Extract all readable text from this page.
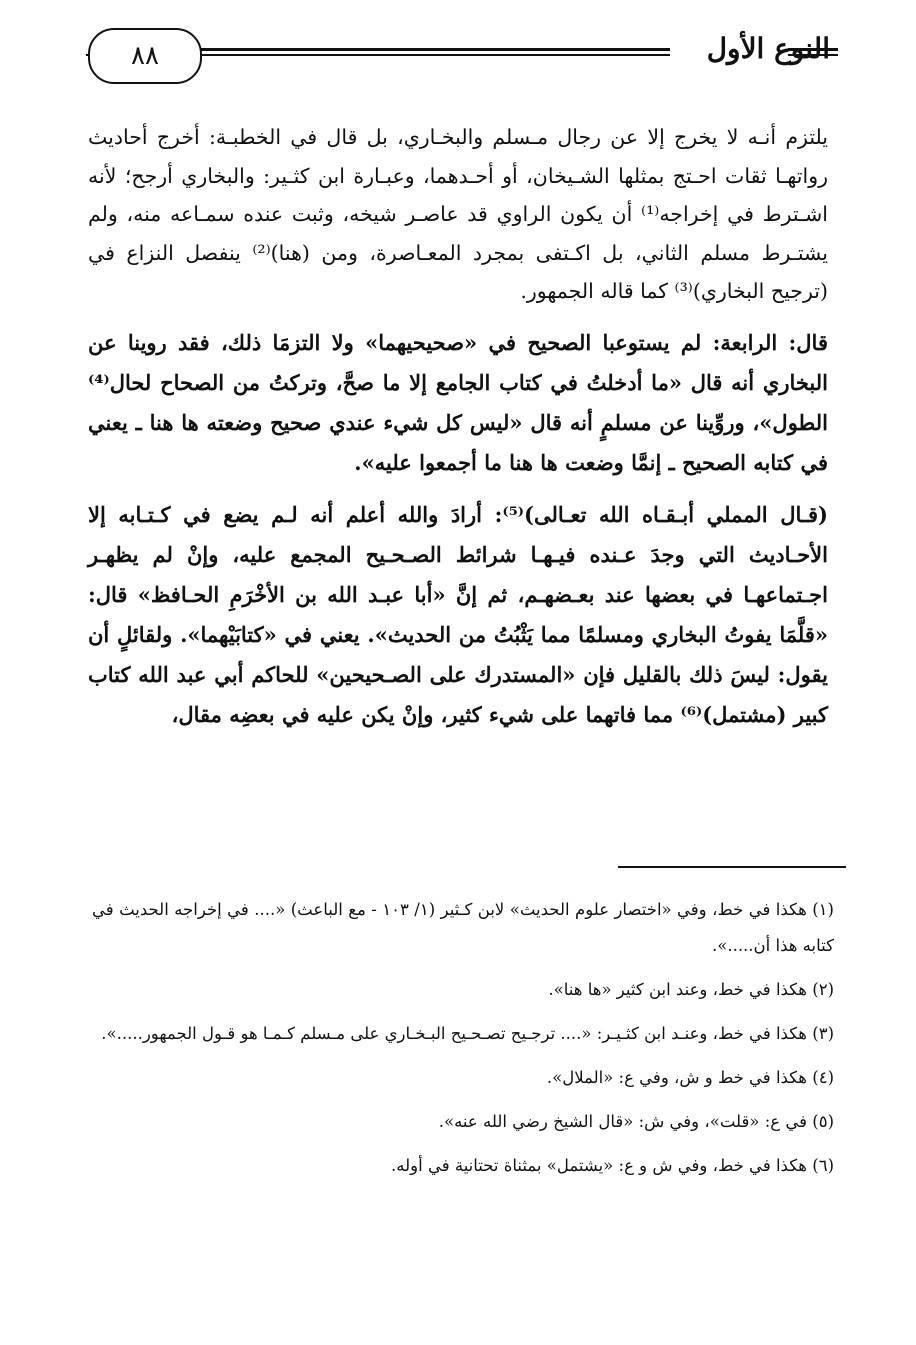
٨٨	النوع الأول

يلتزم أنـه لا يخرج إلا عن رجال مـسلم والبخـاري، بل قال في الخطبـة: أخرج أحاديث رواتهـا ثقات احـتج بمثلها الشـيخان، أو أحـدهما، وعبـارة ابن كثـير: والبخاري أرجح؛ لأنه اشـترط في إخراجه⁽¹⁾ أن يكون الراوي قد عاصـر شيخه، وثبت عنده سمـاعه منه، ولم يشتـرط مسلم الثاني، بل اكـتفى بمجرد المعـاصرة، ومن (هنا)⁽²⁾ ينفصل النزاع في (ترجيح البخاري)⁽³⁾ كما قاله الجمهور.

قال: الرابعة: لم يستوعبا الصحيح في «صحيحيهما» ولا التزمَا ذلك، فقد روينا عن البخاري أنه قال «ما أدخلتُ في كتاب الجامع إلا ما صحَّ، وتركتُ من الصحاح لحال⁽⁴⁾ الطول»، وروِّينا عن مسلمٍ أنه قال «ليس كل شيء عندي صحيح وضعته ها هنا ـ يعني في كتابه الصحيح ـ إنمَّا وضعت ها هنا ما أجمعوا عليه».

(قـال المملي أبـقـاه الله تعـالى)⁽⁵⁾: أرادَ والله أعلم أنه لـم يضع في كـتـابه إلا الأحـاديث التي وجدَ عـنده فيـهـا شرائط الصـحـيح المجمع عليه، وإنْ لم يظهـر اجـتماعهـا في بعضها عند بعـضهـم، ثم إنَّ «أبا عبـد الله بن الأخْرَمِ الحـافظ» قال: «قلَّمَا يفوتُ البخاري ومسلمًا مما يَثْبُتُ من الحديث». يعني في «كتابَيْهما». ولقائلٍ أن يقول: ليسَ ذلك بالقليل فإن «المستدرك على الصـحيحين» للحاكم أبي عبد الله كتاب كبير (مشتمل)⁽⁶⁾ مما فاتهما على شيء كثير، وإنْ يكن عليه في بعضِه مقال،

(١) هكذا في خط، وفي «اختصار علوم الحديث» لابن كـثير (١/ ١٠٣ - مع الباعث) «.... في إخراجه الحديث في كتابه هذا أن.....».

(٢) هكذا في خط، وعند ابن كثير «ها هنا».

(٣) هكذا في خط، وعنـد ابن كثـيـر: «.... ترجـيح تصـحـيح البـخـاري على مـسلم كـمـا هو قـول الجمهور.....».

(٤) هكذا في خط و ش، وفي ع: «الملال».

(٥) في ع: «قلت»، وفي ش: «قال الشيخ رضي الله عنه».

(٦) هكذا في خط، وفي ش و ع: «يشتمل» بمثناة تحتانية في أوله.
